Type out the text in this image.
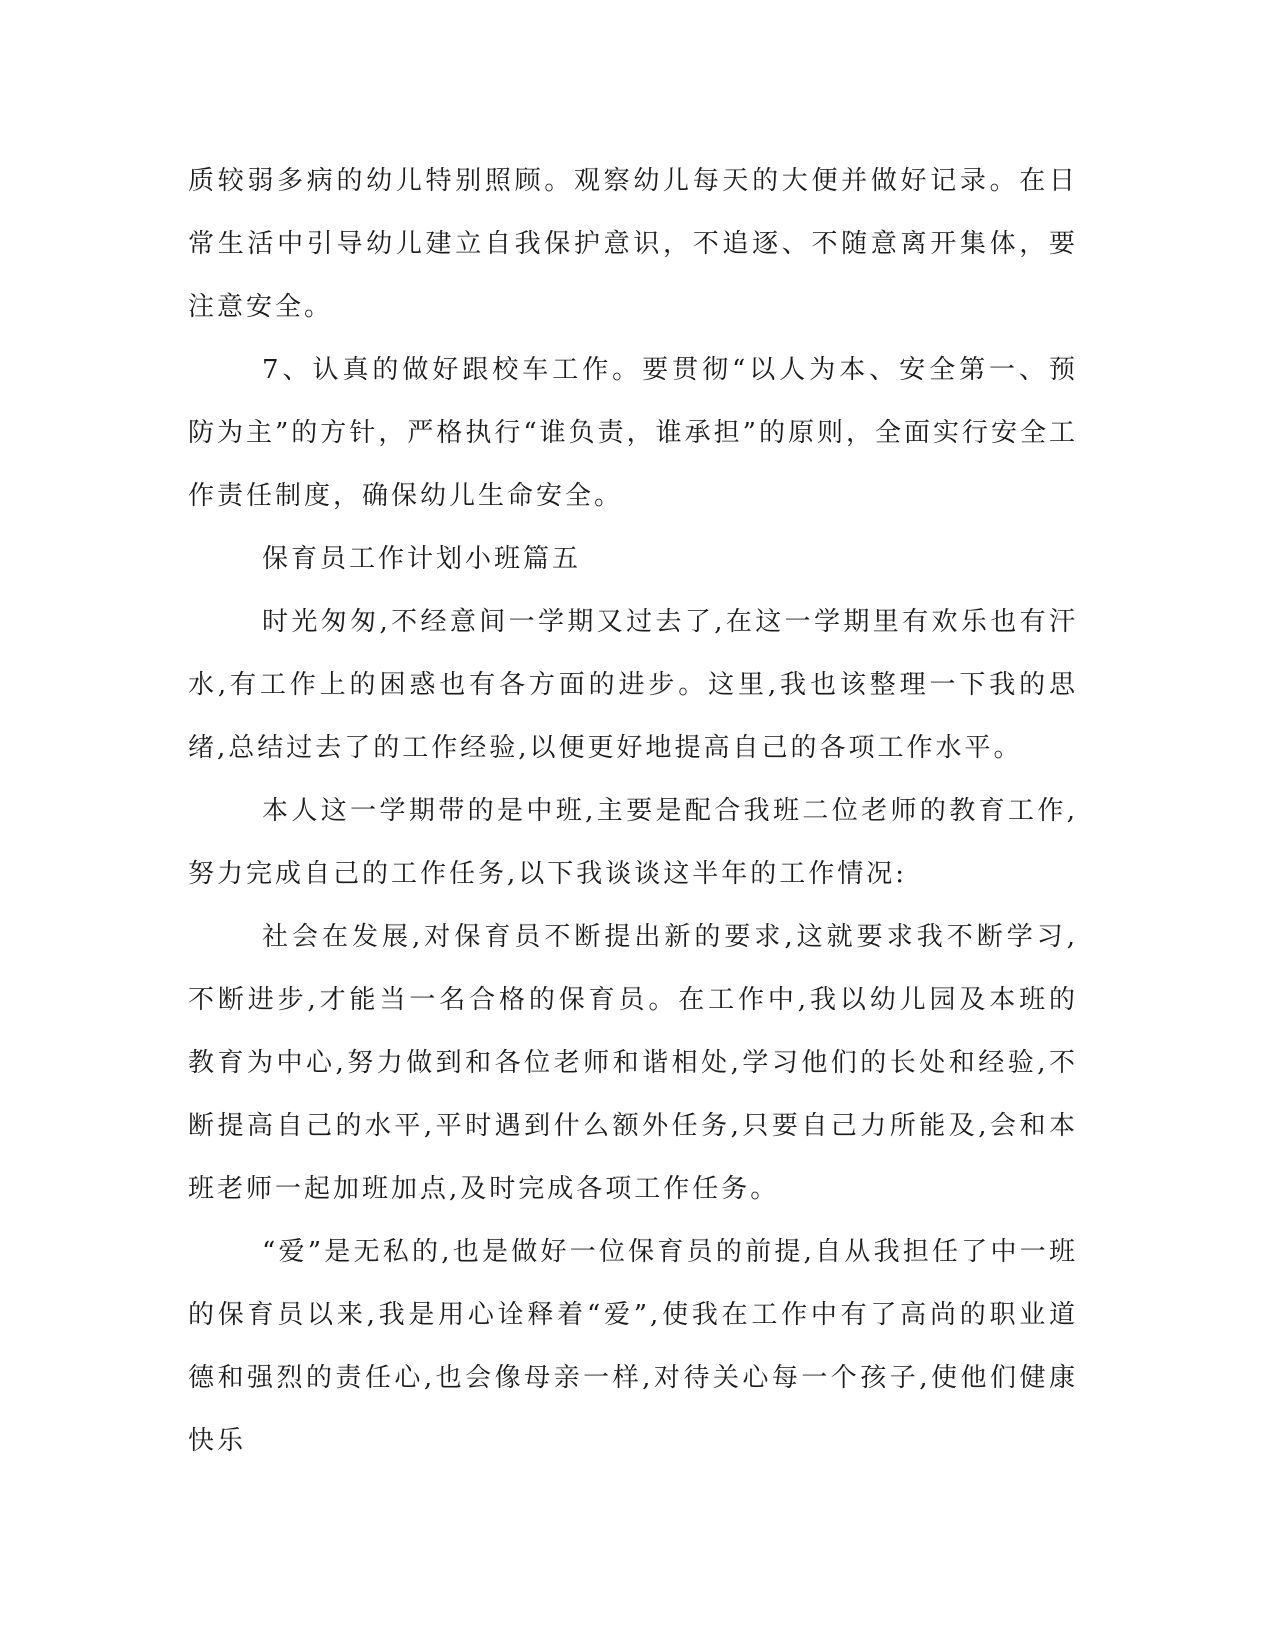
质较弱多病的幼儿特别照顾。观察幼儿每天的大便并做好记录。在日常生活中引导幼儿建立自我保护意识，不追逐、不随意离开集体，要注意安全。

7、认真的做好跟校车工作。要贯彻“以人为本、安全第一、预防为主”的方针，严格执行“谁负责，谁承担”的原则，全面实行安全工作责任制度，确保幼儿生命安全。

保育员工作计划小班篇五

时光匆匆,不经意间一学期又过去了,在这一学期里有欢乐也有汗水,有工作上的困惑也有各方面的进步。这里,我也该整理一下我的思绪,总结过去了的工作经验,以便更好地提高自己的各项工作水平。

本人这一学期带的是中班,主要是配合我班二位老师的教育工作,努力完成自己的工作任务,以下我谈谈这半年的工作情况:

社会在发展,对保育员不断提出新的要求,这就要求我不断学习,不断进步,才能当一名合格的保育员。在工作中,我以幼儿园及本班的教育为中心,努力做到和各位老师和谐相处,学习他们的长处和经验,不断提高自己的水平,平时遇到什么额外任务,只要自己力所能及,会和本班老师一起加班加点,及时完成各项工作任务。

“爱”是无私的,也是做好一位保育员的前提,自从我担任了中一班的保育员以来,我是用心诠释着“爱”,使我在工作中有了高尚的职业道德和强烈的责任心,也会像母亲一样,对待关心每一个孩子,使他们健康快乐
